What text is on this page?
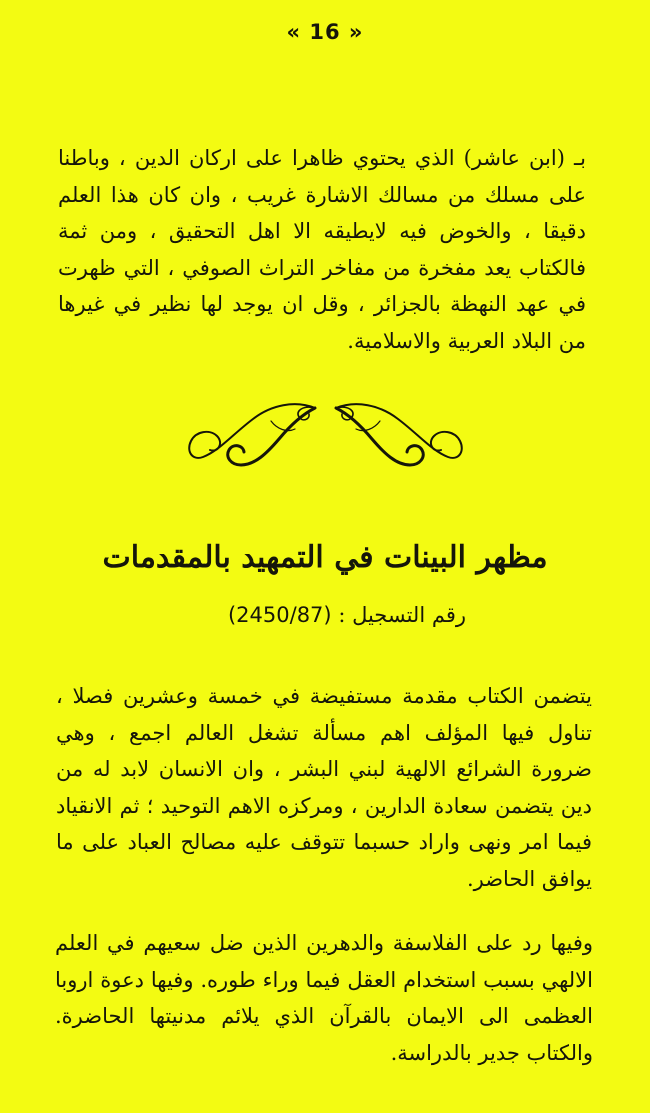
« 16 »

بـ (ابن عاشر) الذي يحتوي ظاهرا على اركان الدين ، وباطنا على مسلك من مسالك الاشارة غريب ، وان كان هذا العلم دقيقا ، والخوض فيه لايطيقه الا اهل التحقيق ، ومن ثمة فالكتاب يعد مفخرة من مفاخر التراث الصوفي ، التي ظهرت في عهد النهظة بالجزائر ، وقل ان يوجد لها نظير في غيرها من البلاد العربية والاسلامية.

مظهر البينات في التمهيد بالمقدمات
رقم التسجيل : (2450/87)

يتضمن الكتاب مقدمة مستفيضة في خمسة وعشرين فصلا ، تناول فيها المؤلف اهم مسألة تشغل العالم اجمع ، وهي ضرورة الشرائع الالهية لبني البشر ، وان الانسان لابد له من دين يتضمن سعادة الدارين ، ومركزه الاهم التوحيد ؛ ثم الانقياد فيما امر ونهى واراد حسبما تتوقف عليه مصالح العباد على ما يوافق الحاضر.

وفيها رد على الفلاسفة والدهرين الذين ضل سعيهم في العلم الالهي بسبب استخدام العقل فيما وراء طوره. وفيها دعوة اروبا العظمى الى الايمان بالقرآن الذي يلائم مدنيتها الحاضرة. والكتاب جدير بالدراسة.
